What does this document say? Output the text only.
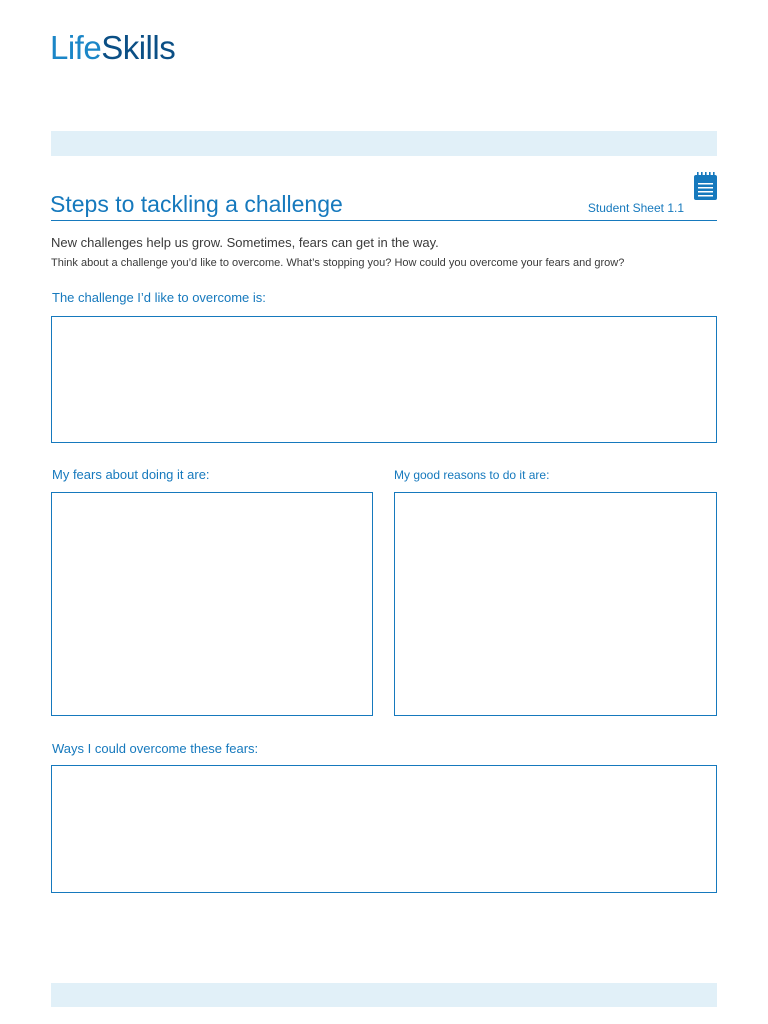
LifeSkills
Steps to tackling a challenge	Student Sheet 1.1
New challenges help us grow. Sometimes, fears can get in the way.
Think about a challenge you’d like to overcome. What’s stopping you? How could you overcome your fears and grow?
The challenge I’d like to overcome is:
My fears about doing it are:	My good reasons to do it are:
Ways I could overcome these fears:
